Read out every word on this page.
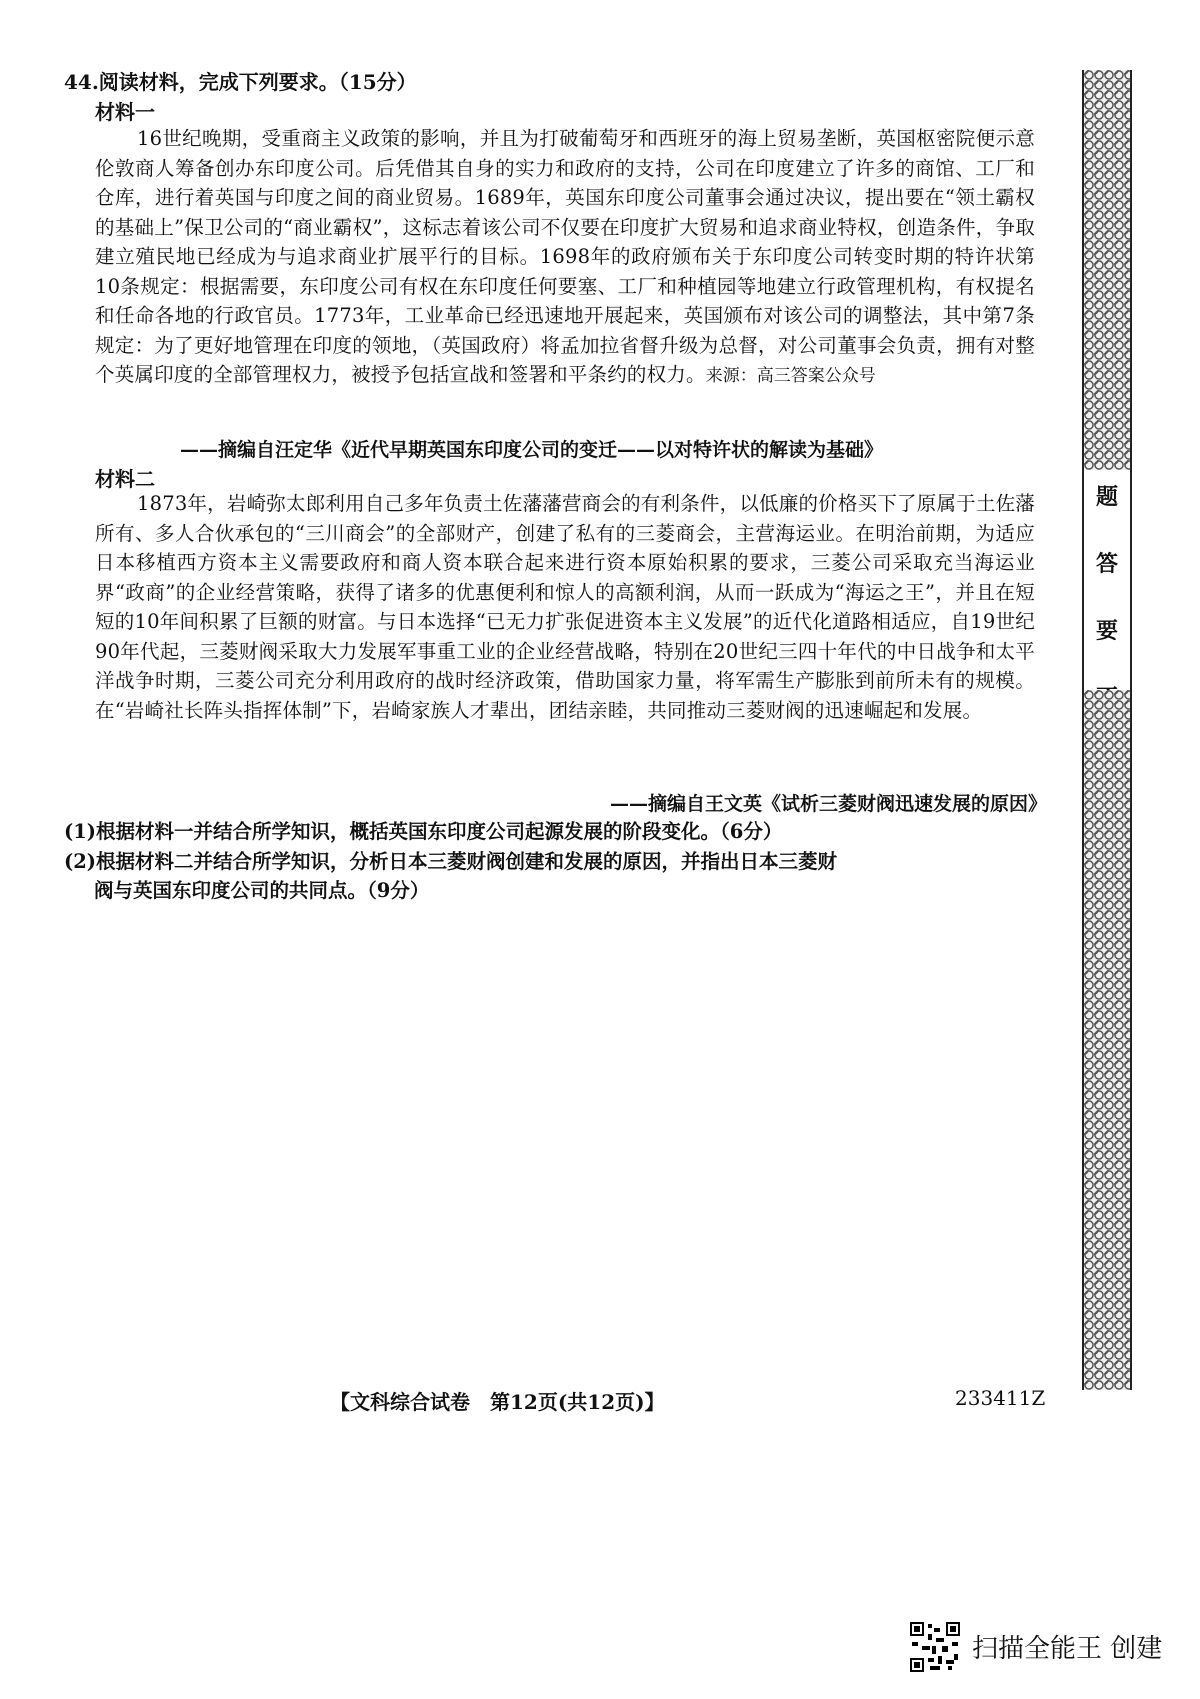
44.阅读材料，完成下列要求。（15分）
材料一

16世纪晚期，受重商主义政策的影响，并且为打破葡萄牙和西班牙的海上贸易垄断，英国枢密院便示意伦敦商人筹备创办东印度公司。后凭借其自身的实力和政府的支持，公司在印度建立了许多的商馆、工厂和仓库，进行着英国与印度之间的商业贸易。1689年，英国东印度公司董事会通过决议，提出要在“领土霸权的基础上”保卫公司的“商业霸权”，这标志着该公司不仅要在印度扩大贸易和追求商业特权，创造条件，争取建立殖民地已经成为与追求商业扩展平行的目标。1698年的政府颁布关于东印度公司转变时期的特许状第10条规定：根据需要，东印度公司有权在东印度任何要塞、工厂和种植园等地建立行政管理机构，有权提名和任命各地的行政官员。1773年，工业革命已经迅速地开展起来，英国颁布对该公司的调整法，其中第7条规定：为了更好地管理在印度的领地，（英国政府）将孟加拉省督升级为总督，对公司董事会负责，拥有对整个英属印度的全部管理权力，被授予包括宣战和签署和平条约的权力。来源：高三答案公众号

——摘编自汪定华《近代早期英国东印度公司的变迁——以对特许状的解读为基础》
材料二

1873年，岩崎弥太郎利用自己多年负责土佐藩藩营商会的有利条件，以低廉的价格买下了原属于土佐藩所有、多人合伙承包的“三川商会”的全部财产，创建了私有的三菱商会，主营海运业。在明治前期，为适应日本移植西方资本主义需要政府和商人资本联合起来进行资本原始积累的要求，三菱公司采取充当海运业界“政商”的企业经营策略，获得了诸多的优惠便利和惊人的高额利润，从而一跃成为“海运之王”，并且在短短的10年间积累了巨额的财富。与日本选择“已无力扩张促进资本主义发展”的近代化道路相适应，自19世纪90年代起，三菱财阀采取大力发展军事重工业的企业经营战略，特别在20世纪三四十年代的中日战争和太平洋战争时期，三菱公司充分利用政府的战时经济政策，借助国家力量，将军需生产膨胀到前所未有的规模。在“岩崎社长阵头指挥体制”下，岩崎家族人才辈出，团结亲睦，共同推动三菱财阀的迅速崛起和发展。

——摘编自王文英《试析三菱财阀迅速发展的原因》

(1)根据材料一并结合所学知识，概括英国东印度公司起源发展的阶段变化。（6分）

(2)根据材料二并结合所学知识，分析日本三菱财阀创建和发展的原因，并指出日本三菱财
阀与英国东印度公司的共同点。（9分）

题
答
要
【文科综合试卷　第12页(共12页)】	233411Z
扫描全能王 创建
